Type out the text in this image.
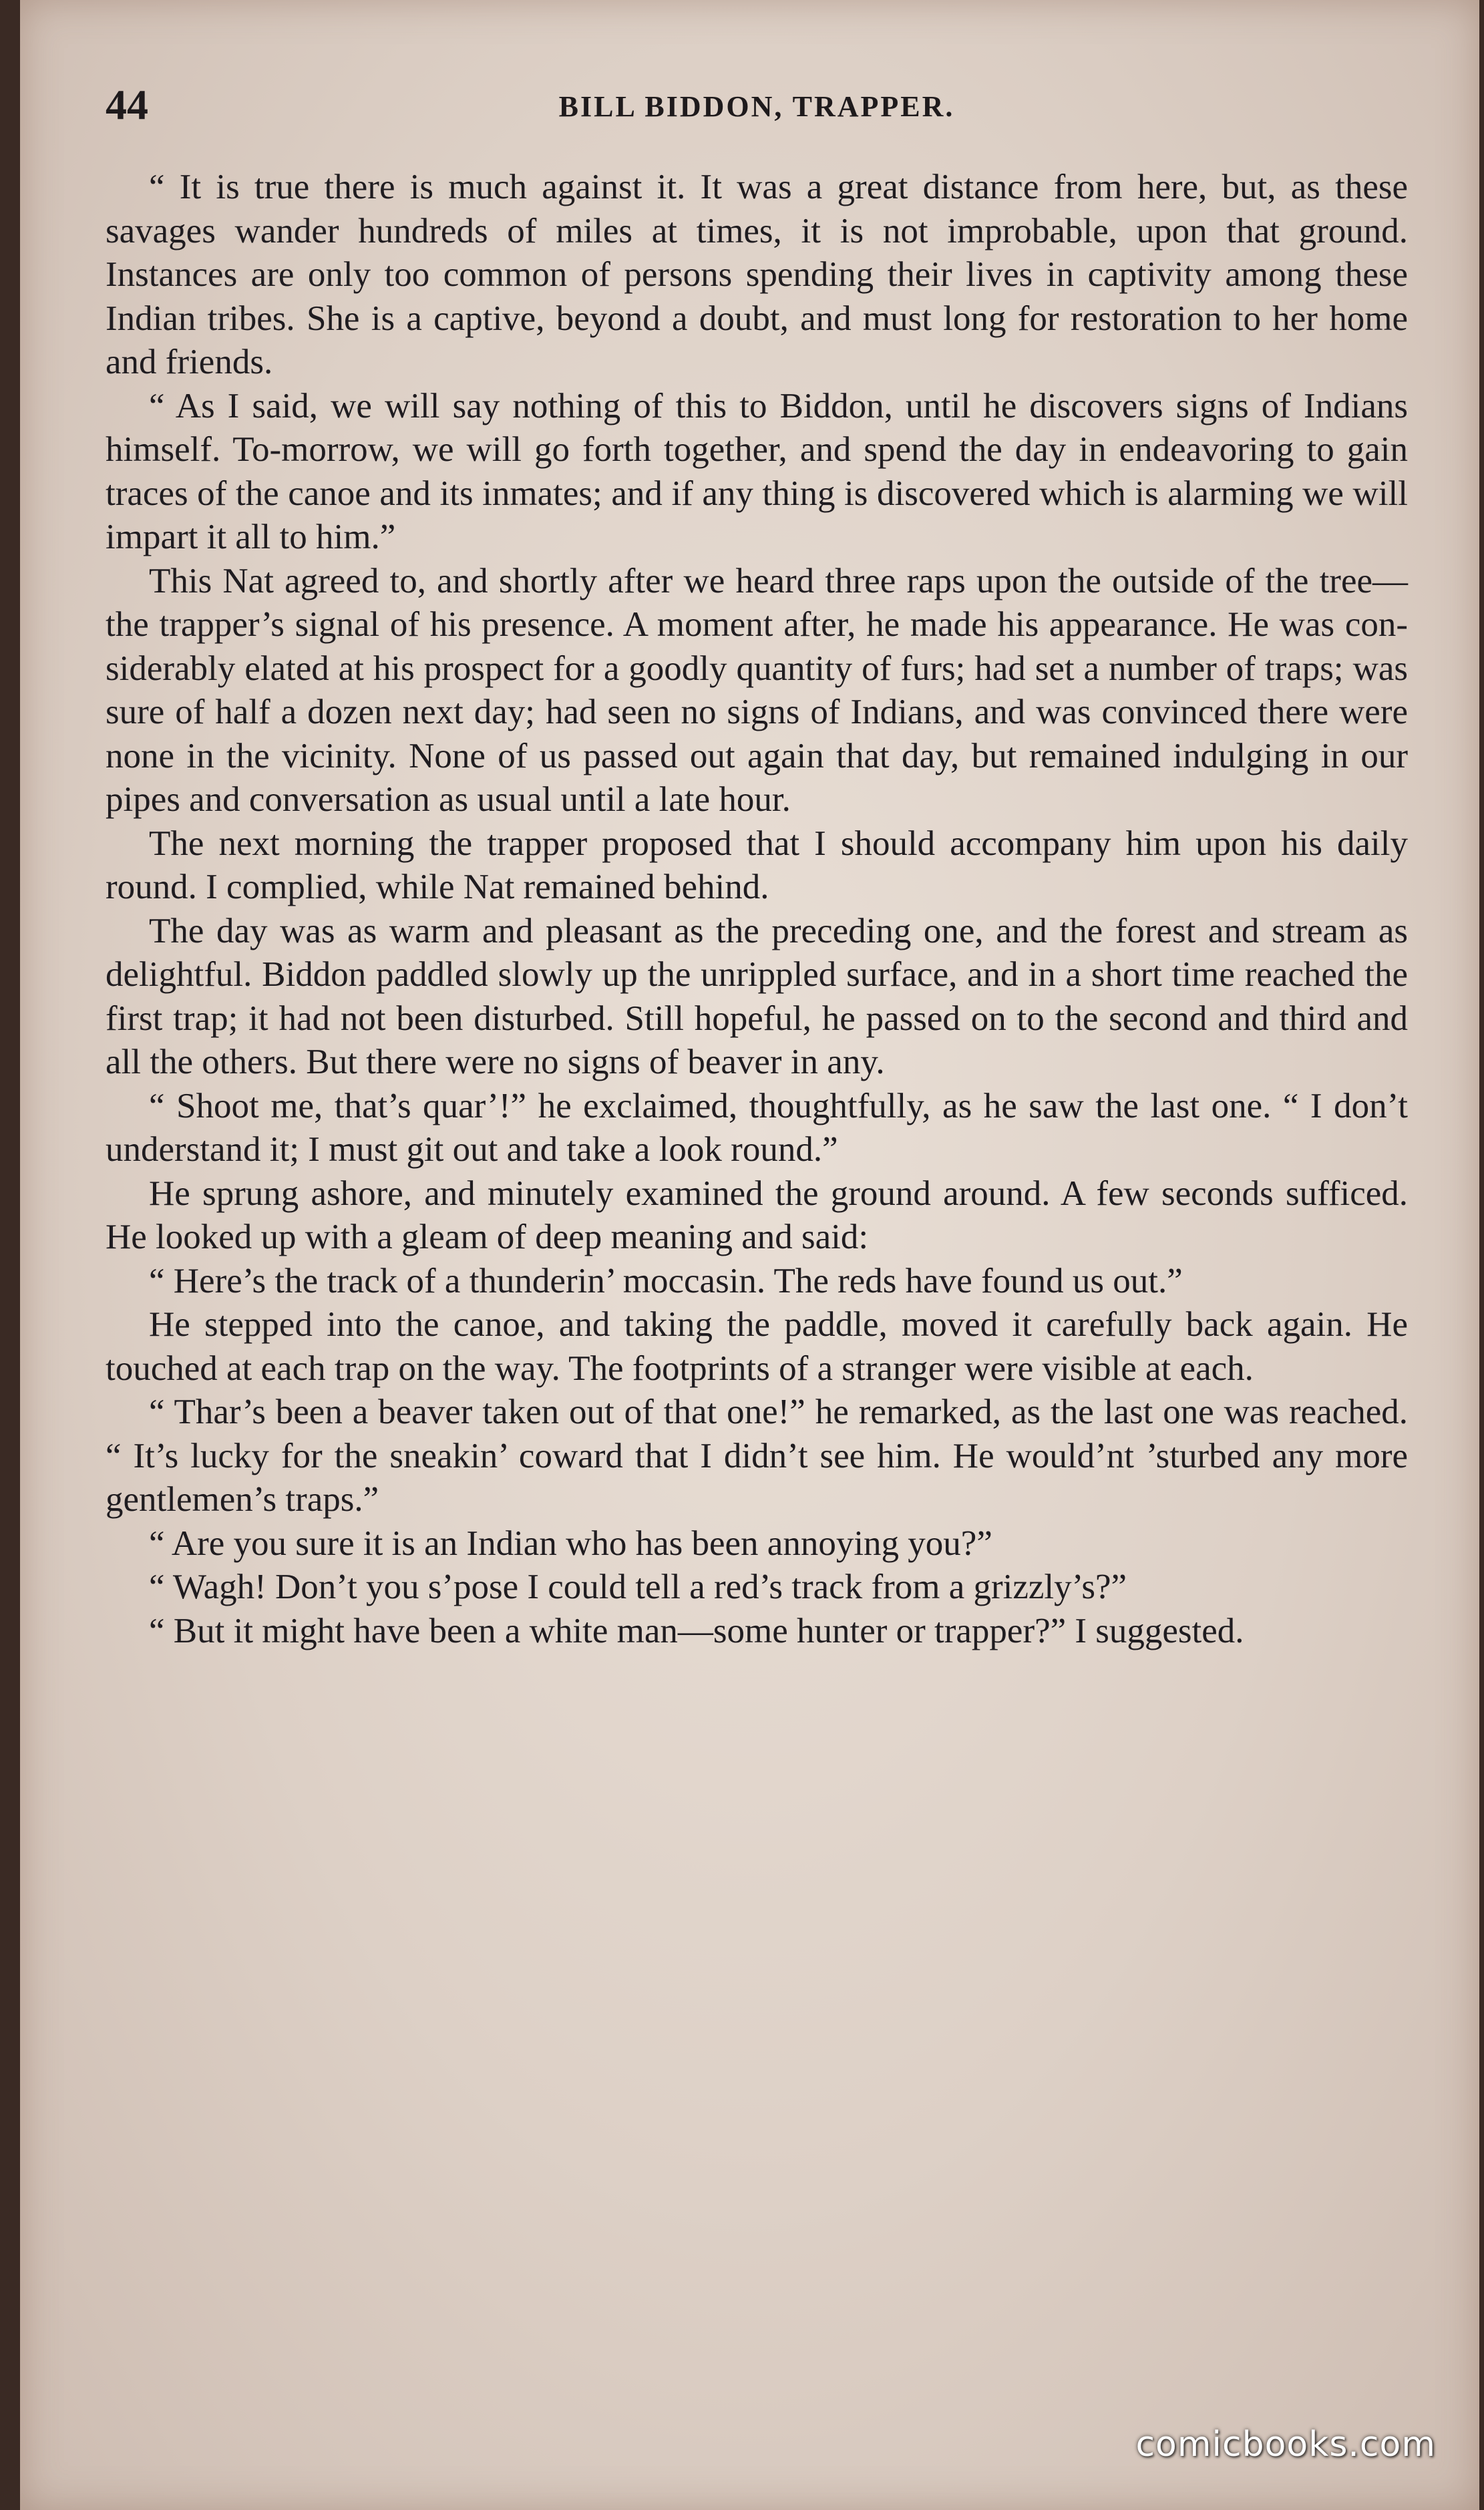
44	BILL BIDDON, TRAPPER.

“ It is true there is much against it. It was a great distance from here, but, as these savages wander hundreds of miles at times, it is not improbable, upon that ground. Instances are only too common of persons spending their lives in captivity among these Indian tribes. She is a captive, beyond a doubt, and must long for restoration to her home and friends.

“ As I said, we will say nothing of this to Biddon, until he discovers signs of Indians himself. To-morrow, we will go forth together, and spend the day in endeavoring to gain traces of the canoe and its inmates; and if any thing is discovered which is alarming we will impart it all to him.”

This Nat agreed to, and shortly after we heard three raps upon the outside of the tree—the trapper’s signal of his presence. A moment after, he made his appearance. He was considerably elated at his prospect for a goodly quantity of furs; had set a number of traps; was sure of half a dozen next day; had seen no signs of Indians, and was convinced there were none in the vicinity. None of us passed out again that day, but remained indulging in our pipes and conversation as usual until a late hour.

The next morning the trapper proposed that I should accompany him upon his daily round. I complied, while Nat remained behind.

The day was as warm and pleasant as the preceding one, and the forest and stream as delightful. Biddon paddled slowly up the unrippled surface, and in a short time reached the first trap; it had not been disturbed. Still hopeful, he passed on to the second and third and all the others. But there were no signs of beaver in any.

“ Shoot me, that’s quar’!” he exclaimed, thoughtfully, as he saw the last one. “ I don’t understand it; I must git out and take a look round.”

He sprung ashore, and minutely examined the ground around. A few seconds sufficed. He looked up with a gleam of deep meaning and said:

“ Here’s the track of a thunderin’ moccasin. The reds have found us out.”

He stepped into the canoe, and taking the paddle, moved it carefully back again. He touched at each trap on the way. The footprints of a stranger were visible at each.

“ Thar’s been a beaver taken out of that one!” he remarked, as the last one was reached. “ It’s lucky for the sneakin’ coward that I didn’t see him. He would’nt ’sturbed any more gentlemen’s traps.”

“ Are you sure it is an Indian who has been annoying you?”

“ Wagh! Don’t you s’pose I could tell a red’s track from a grizzly’s?”

“ But it might have been a white man—some hunter or trapper?” I suggested.

comicbooks.com
